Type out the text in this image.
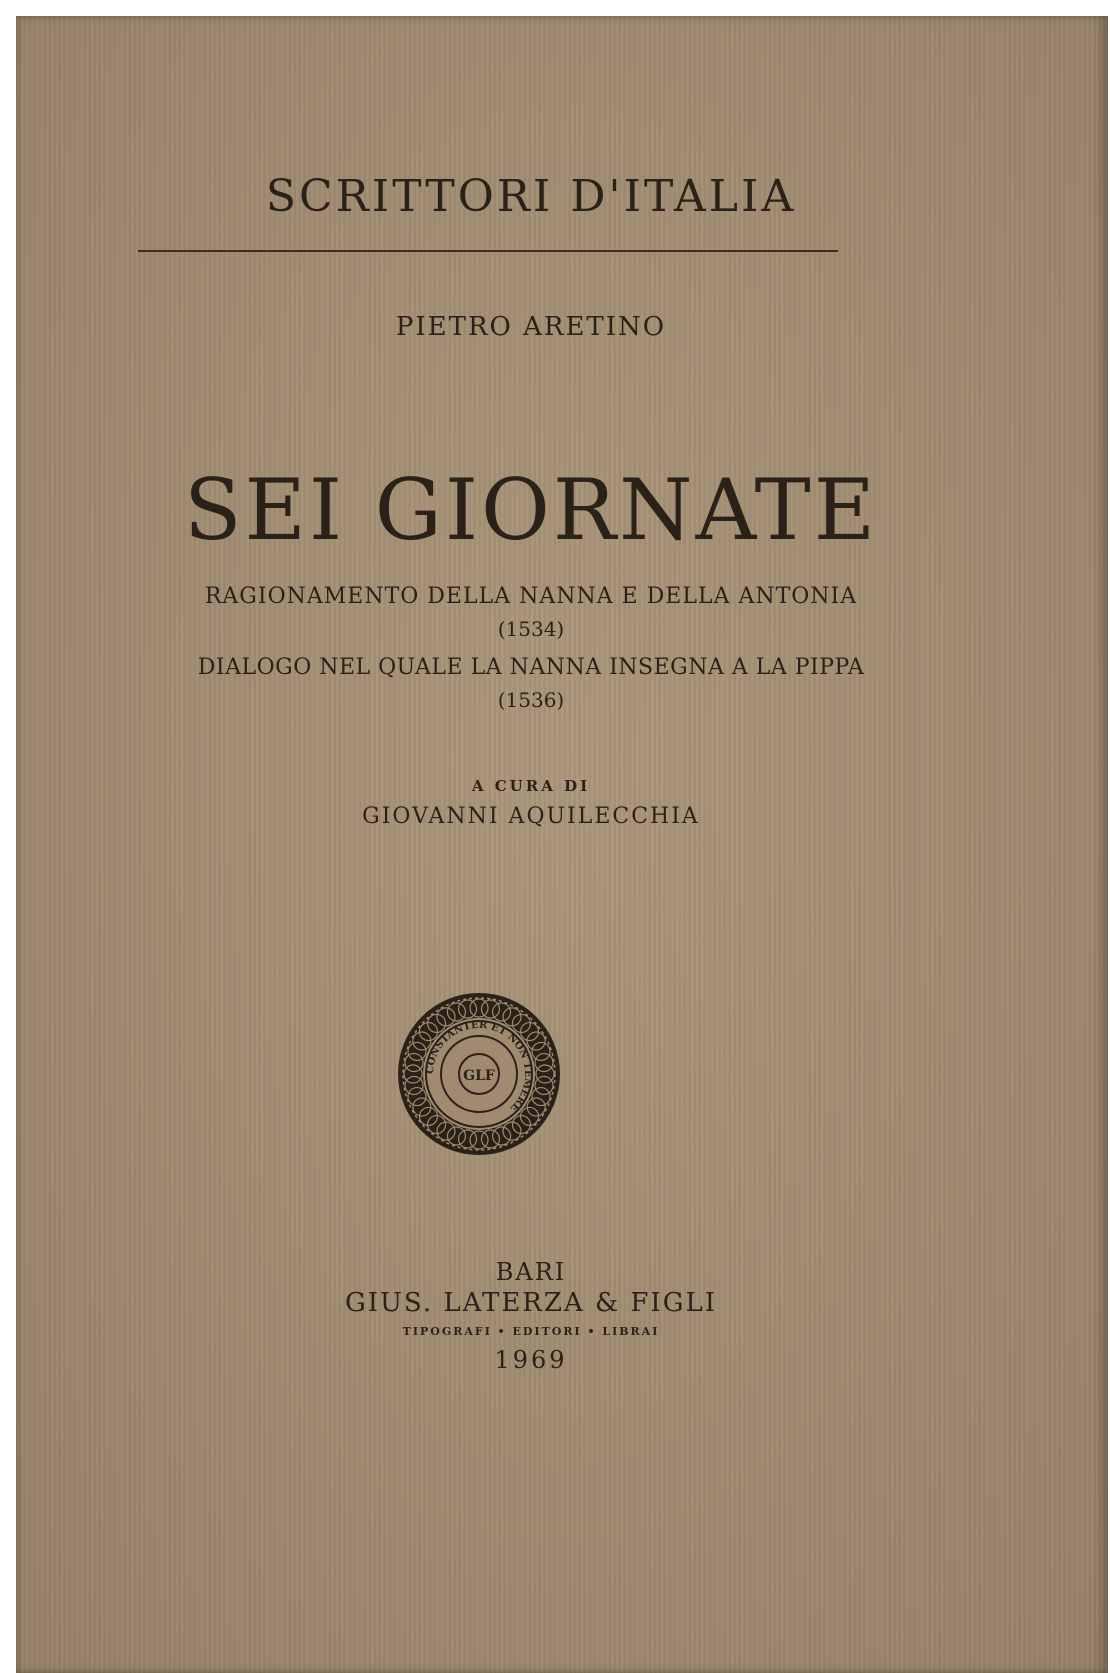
SCRITTORI D'ITALIA
PIETRO ARETINO
SEI GIORNATE
RAGIONAMENTO DELLA NANNA E DELLA ANTONIA
(1534)
DIALOGO NEL QUALE LA NANNA INSEGNA A LA PIPPA
(1536)
A CURA DI
GIOVANNI AQUILECCHIA
CONSTANTER ET NON TEMERE
GLF
BARI
GIUS. LATERZA & FIGLI
TIPOGRAFI • EDITORI • LIBRAI
1969
